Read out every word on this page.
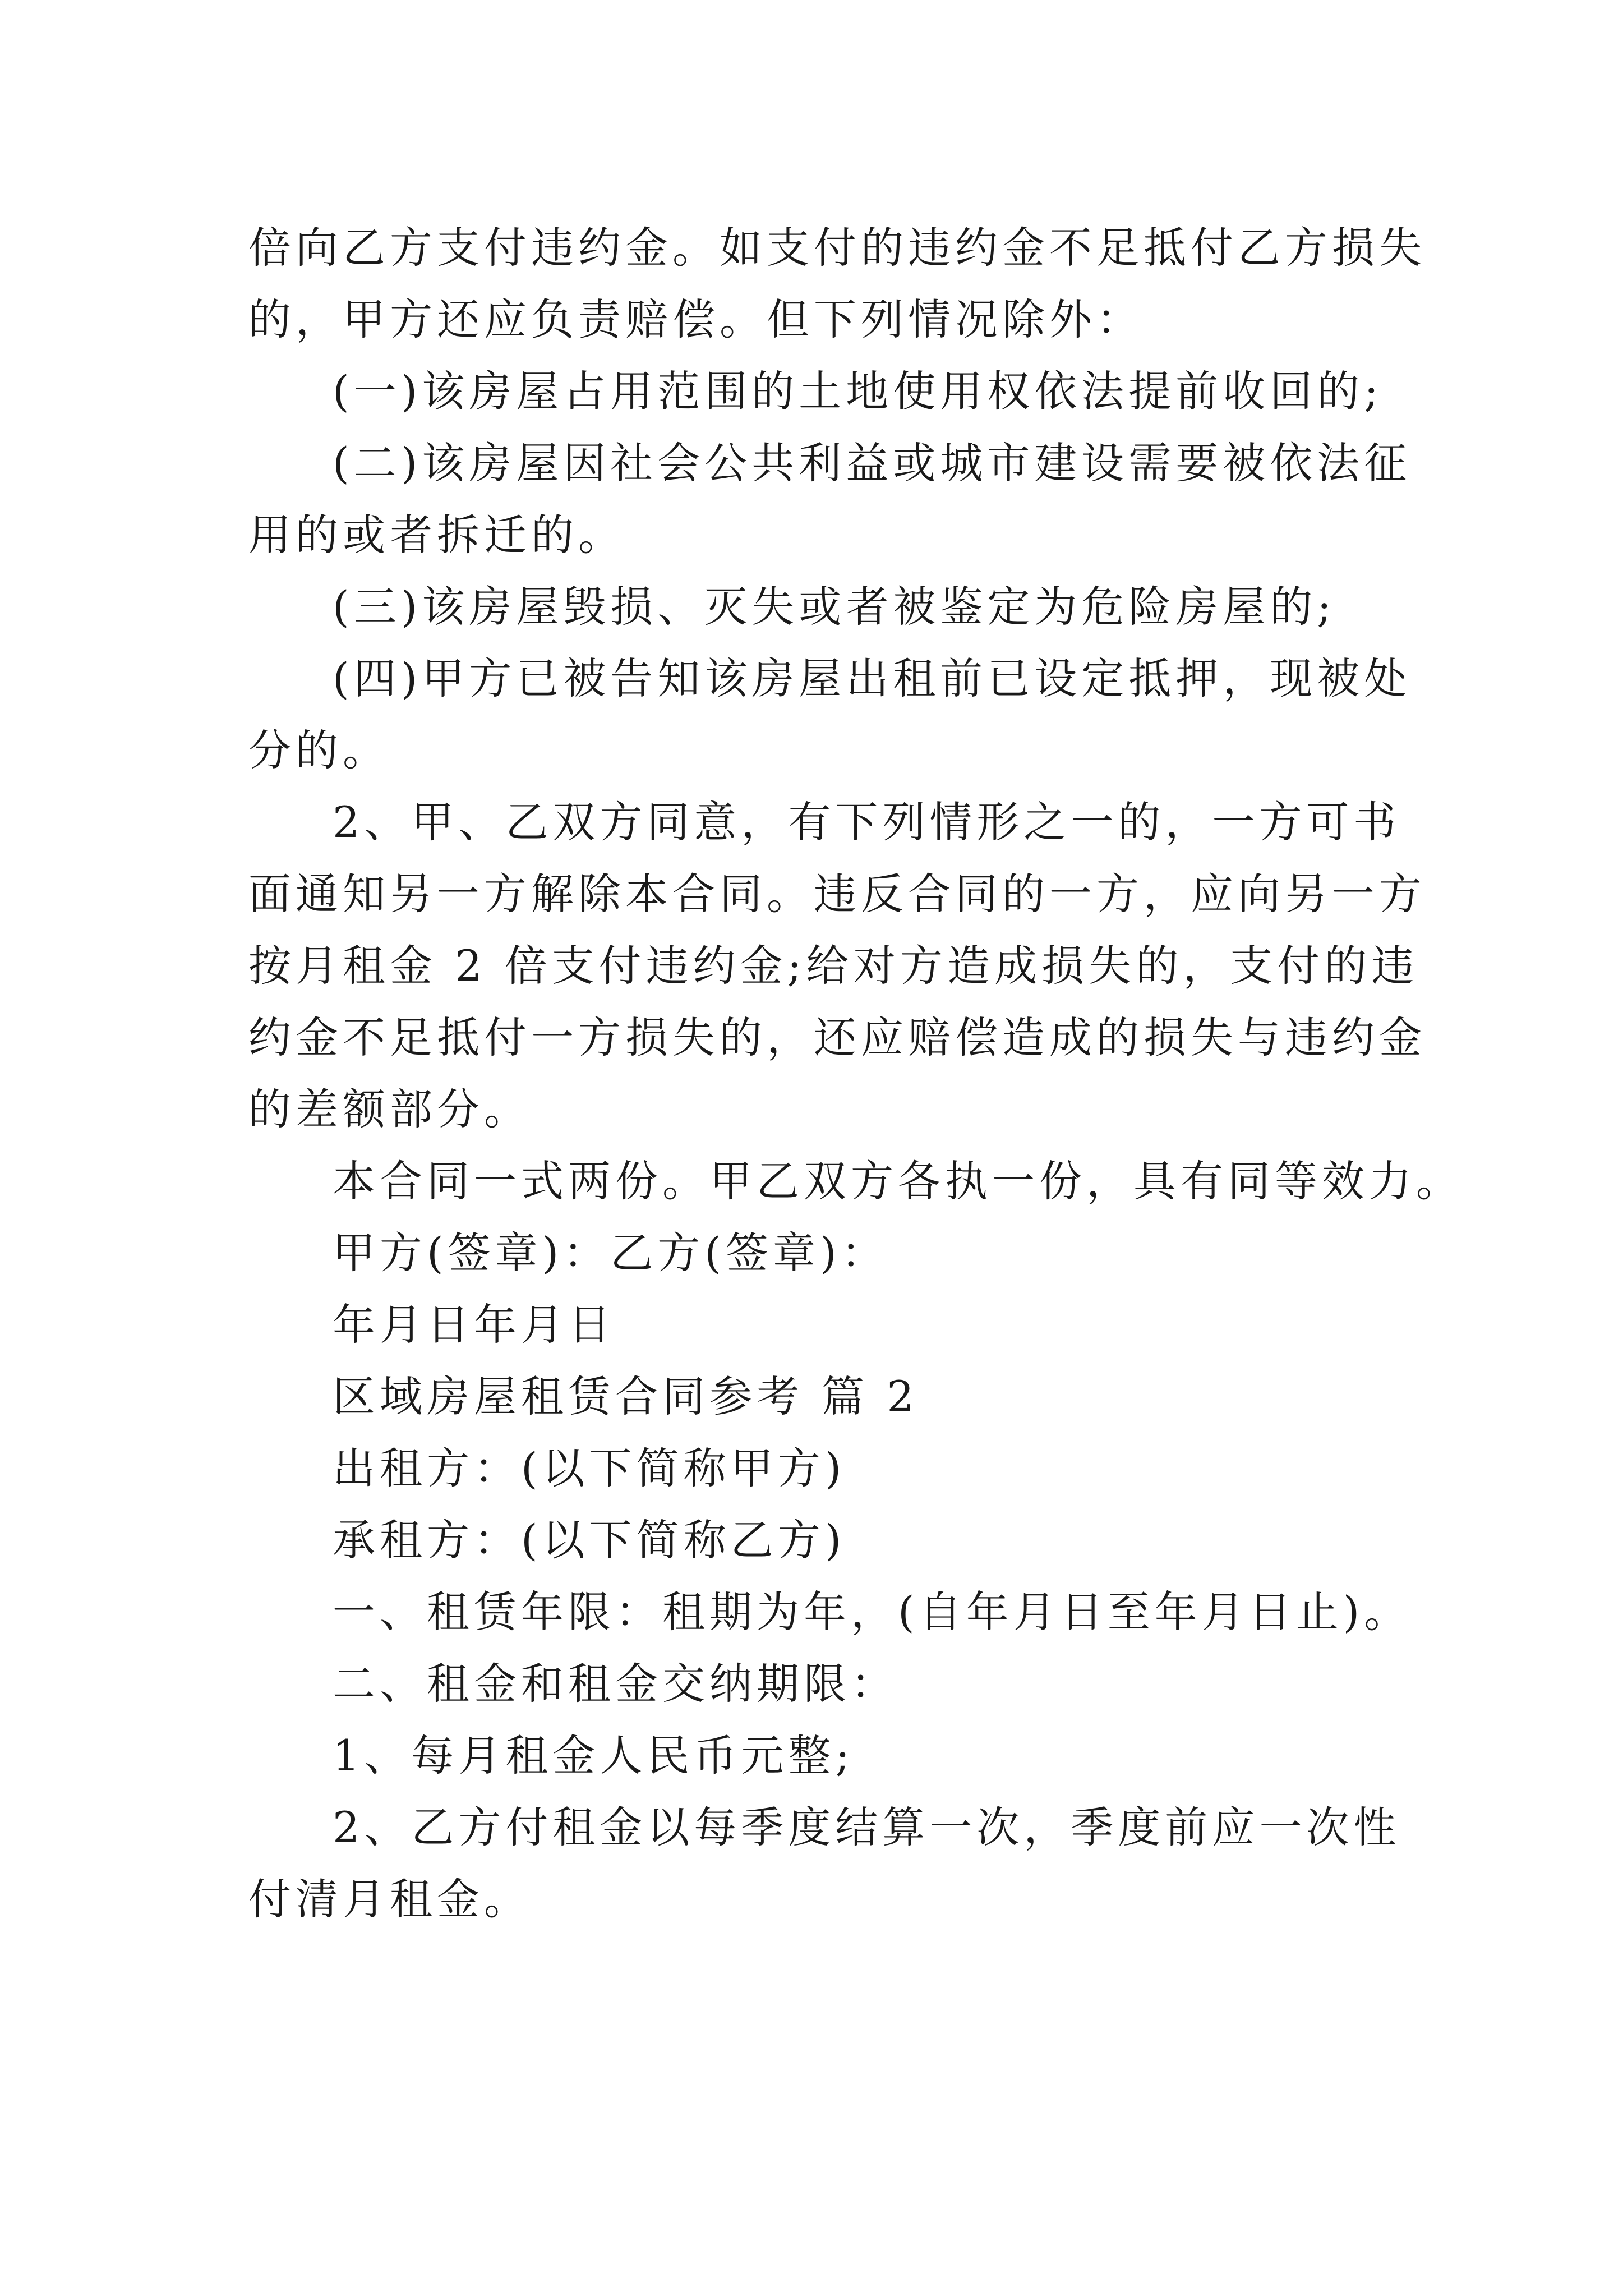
倍向乙方支付违约金。如支付的违约金不足抵付乙方损失的，甲方还应负责赔偿。但下列情况除外：

(一)该房屋占用范围的土地使用权依法提前收回的;

(二)该房屋因社会公共利益或城市建设需要被依法征用的或者拆迁的。

(三)该房屋毁损、灭失或者被鉴定为危险房屋的;

(四)甲方已被告知该房屋出租前已设定抵押，现被处分的。

2、甲、乙双方同意，有下列情形之一的，一方可书面通知另一方解除本合同。违反合同的一方，应向另一方按月租金 2 倍支付违约金;给对方造成损失的，支付的违约金不足抵付一方损失的，还应赔偿造成的损失与违约金的差额部分。

本合同一式两份。甲乙双方各执一份，具有同等效力。

甲方(签章)：乙方(签章)：

年月日年月日

区域房屋租赁合同参考 篇 2

出租方：(以下简称甲方)

承租方：(以下简称乙方)

一、租赁年限：租期为年，(自年月日至年月日止)。

二、租金和租金交纳期限：

1、每月租金人民币元整;

2、乙方付租金以每季度结算一次，季度前应一次性付清月租金。
